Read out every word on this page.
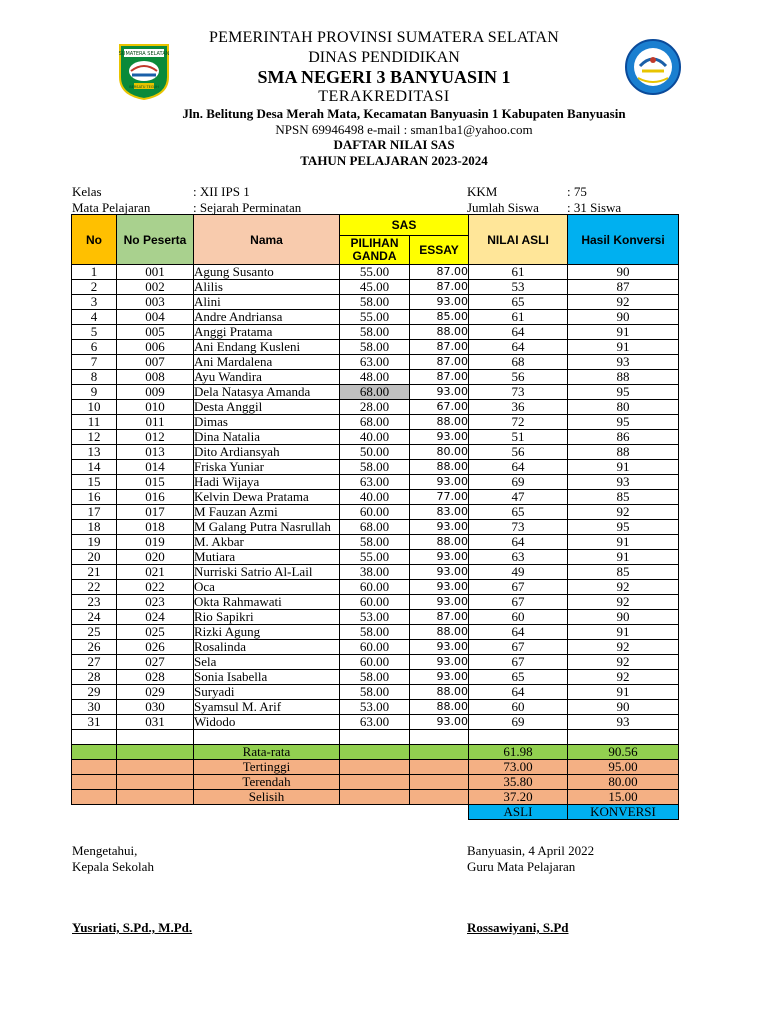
SUMATERA SELATAN
BERSATU TEGUH
PEMERINTAH PROVINSI SUMATERA SELATAN
DINAS PENDIDIKAN
SMA NEGERI 3 BANYUASIN 1
TERAKREDITASI
Jln. Belitung Desa Merah Mata, Kecamatan Banyuasin 1 Kabupaten Banyuasin
NPSN 69946498 e-mail : sman1ba1@yahoo.com
DAFTAR NILAI SAS
TAHUN PELAJARAN 2023-2024
Kelas	: XII IPS 1
Mata Pelajaran	: Sejarah Perminatan
KKM	: 75
Jumlah Siswa : 31 Siswa
No	No Peserta	Nama	SAS		NILAI ASLI	Hasil Konversi
			PILIHAN
GANDA	ESSAY		
1	001	Agung Susanto	55.00	87.00	61	90
2	002	Alilis	45.00	87.00	53	87
3	003	Alini	58.00	93.00	65	92
4	004	Andre Andriansa	55.00	85.00	61	90
5	005	Anggi Pratama	58.00	88.00	64	91
6	006	Ani Endang Kusleni	58.00	87.00	64	91
7	007	Ani Mardalena	63.00	87.00	68	93
8	008	Ayu Wandira	48.00	87.00	56	88
9	009	Dela Natasya Amanda	68.00	93.00	73	95
10	010	Desta Anggil	28.00	67.00	36	80
11	011	Dimas	68.00	88.00	72	95
12	012	Dina Natalia	40.00	93.00	51	86
13	013	Dito Ardiansyah	50.00	80.00	56	88
14	014	Friska Yuniar	58.00	88.00	64	91
15	015	Hadi Wijaya	63.00	93.00	69	93
16	016	Kelvin Dewa Pratama	40.00	77.00	47	85
17	017	M Fauzan Azmi	60.00	83.00	65	92
18	018	M Galang Putra Nasrullah	68.00	93.00	73	95
19	019	M. Akbar	58.00	88.00	64	91
20	020	Mutiara	55.00	93.00	63	91
21	021	Nurriski Satrio Al-Lail	38.00	93.00	49	85
22	022	Oca	60.00	93.00	67	92
23	023	Okta Rahmawati	60.00	93.00	67	92
24	024	Rio Sapikri	53.00	87.00	60	90
25	025	Rizki Agung	58.00	88.00	64	91
26	026	Rosalinda	60.00	93.00	67	92
27	027	Sela	60.00	93.00	67	92
28	028	Sonia Isabella	58.00	93.00	65	92
29	029	Suryadi	58.00	88.00	64	91
30	030	Syamsul M. Arif	53.00	88.00	60	90
31	031	Widodo	63.00	93.00	69	93

		Rata-rata			61.98	90.56
		Tertinggi			73.00	95.00
		Terendah			35.80	80.00
		Selisih			37.20	15.00
					ASLI	KONVERSI
Mengetahui,
Kepala Sekolah
Yusriati, S.Pd., M.Pd.
Banyuasin, 4 April 2022
Guru Mata Pelajaran
Rossawiyani, S.Pd
